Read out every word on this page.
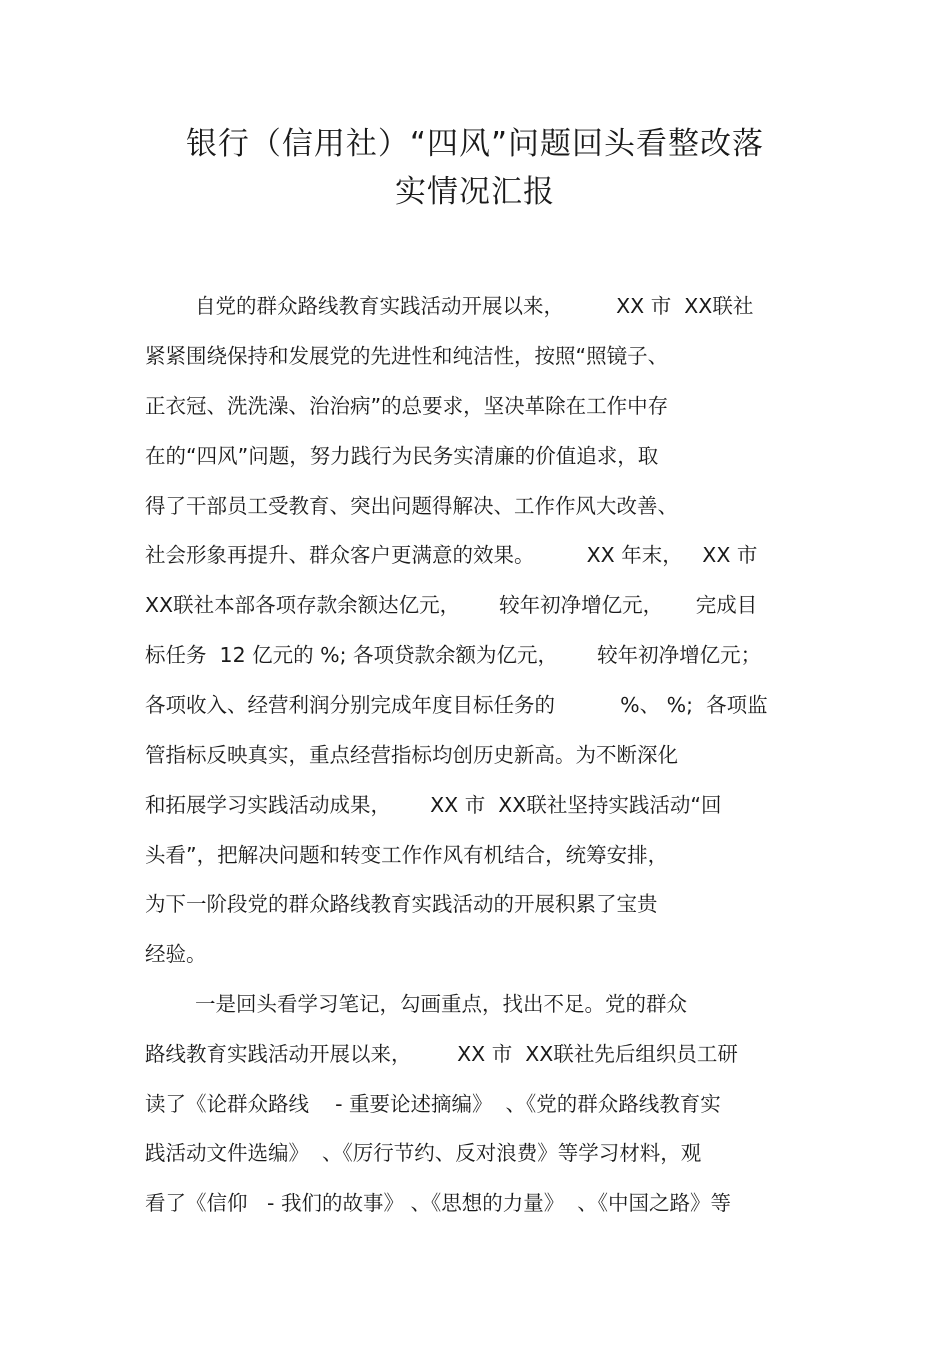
银行（信用社）“四风”问题回头看整改落
实情况汇报
自党的群众路线教育实践活动开展以来，        XX 市  XX联社
紧紧围绕保持和发展党的先进性和纯洁性，按照“照镜子、
正衣冠、洗洗澡、治治病”的总要求，坚决革除在工作中存
在的“四风”问题，努力践行为民务实清廉的价值追求，取
得了干部员工受教育、突出问题得解决、工作作风大改善、
社会形象再提升、群众客户更满意的效果。        XX 年末，   XX 市
XX联社本部各项存款余额达亿元，      较年初净增亿元，     完成目
标任务  12 亿元的 %; 各项贷款余额为亿元，      较年初净增亿元；
各项收入、经营利润分别完成年度目标任务的          %、 %;  各项监
管指标反映真实，重点经营指标均创历史新高。为不断深化
和拓展学习实践活动成果，      XX 市  XX联社坚持实践活动“回
头看”，把解决问题和转变工作作风有机结合，统筹安排，
为下一阶段党的群众路线教育实践活动的开展积累了宝贵
经验。
一是回头看学习笔记，勾画重点，找出不足。党的群众
路线教育实践活动开展以来，       XX 市  XX联社先后组织员工研
读了《论群众路线    - 重要论述摘编》  、《党的群众路线教育实
践活动文件选编》  、《厉行节约、反对浪费》等学习材料，观
看了《信仰   - 我们的故事》 、《思想的力量》  、《中国之路》等
